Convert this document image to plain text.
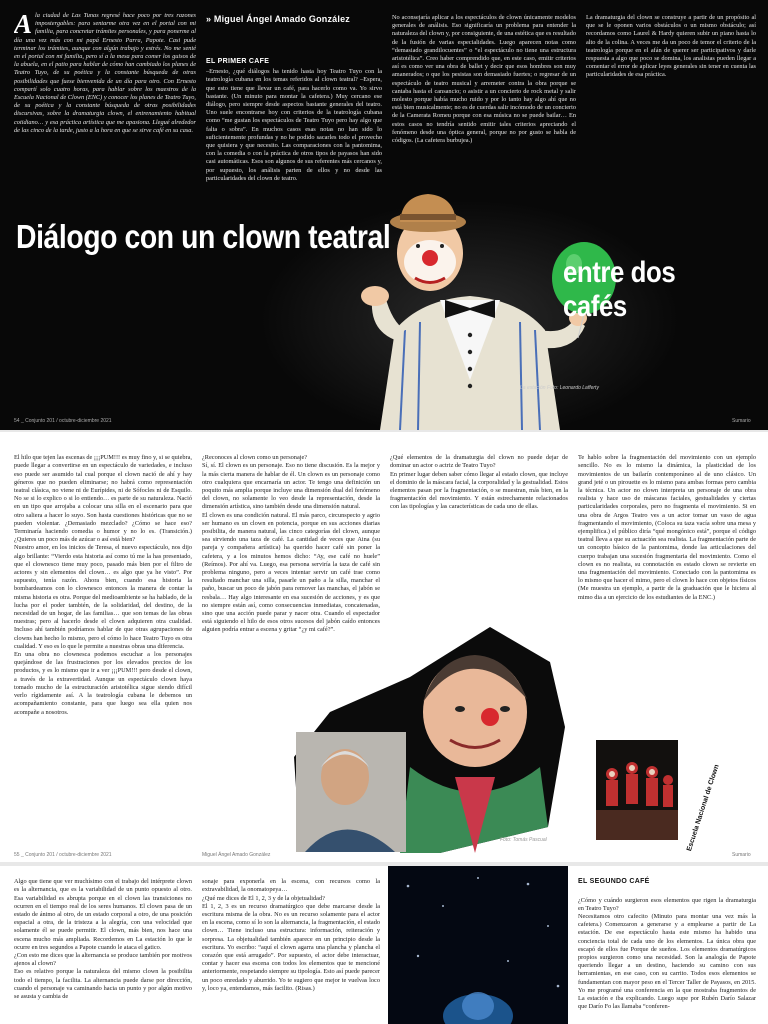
A la ciudad de Las Tunas regresé hace poco por tres razones impostergables: para sentarme otra vez en el portal con mi familia, para concretar trámites personales, y para ponerme al día una vez más con mi papá Ernesto Parra, Papote. Casi pude terminar los trámites, aunque con algún trabajo y estrés. No me senté en el portal con mi familia, pero sí a la mesa para comer los guisos de la abuela, en el patio para hablar de cómo han cambiado los planes de Teatro Tuyo, de su poética y la constante búsqueda de otras posibilidades que fuese bienvenida de un día para otro. Con Ernesto compartí solo cuatro horas, para hablar sobre los maestros de la Escuela Nacional de Clown (ENC) y conocer los planes de Teatro Tuyo, de su poética y la constante búsqueda de otras posibilidades discursivas, sobre la dramaturgia clown, el entrenamiento habitual cotidiano… y esa práctica artística que me apasiona. Llegué alrededor de las cinco de la tarde, justo a la hora en que se sirve café en su casa.
» Miguel Ángel Amado González
EL PRIMER CAFÉ

–Ernesto, ¿qué diálogos ha tenido hasta hoy Teatro Tuyo con la teatrología cubana en los temas referidos al clown teatral? –Espera, que esto tiene que llevar un café, para hacerlo como va. Yo sirvo bastante. (Un minuto para montar la cafetera.) Muy cercano ese diálogo, pero siempre desde aspectos bastante generales del teatro. Uno suele encontrarse hoy con criterios de la teatrología cubana como “me gustan los espectáculos de Teatro Tuyo pero hay algo que falta o sobra”. En muchos casos esas notas no han sido lo suficientemente profundas y no he podido sacarles todo el provecho que quisiera y que necesito. Las comparaciones con la pantomima, con la comedia o con la práctica de otros tipos de payasos han sido casi automáticas. Esos son algunos de sus referentes más cercanos y, por supuesto, los análisis parten de ellos y no desde las particularidades del clown de teatro.

No aconsejaría aplicar a los espectáculos de clown únicamente modelos generales de análisis. Eso significaría un problema para entender la naturaleza del clown y, por consiguiente, de una estética que es resultado de la fusión de varias especialidades. Luego aparecen notas como “demasiado grandilocuentes” o “el espectáculo no tiene una estructura aristotélica”. Creo haber comprendido que, en este caso, emitir criterios así es como ver una obra de ballet y decir que esos hombres son muy amanerados; o que los pesistas son demasiado fuertes; o regresar de un espectáculo de teatro musical y arremeter contra la obra porque se cantaba hasta el cansancio; o asistir a un concierto de rock metal y salir molesto porque había mucho ruido y por lo tanto hay algo ahí que no está bien musicalmente; no es de cuerdas salir incómodo de un concierto de la Camerata Romeu porque con esa música no se puede bailar… En estos casos no tendría sentido emitir tales criterios apreciando el fenómeno desde una óptica general, porque no por gusto se habla de códigos. (La cafetera burbujea.)

La dramaturgia del clown se construye a partir de un propósito al que se le oponen varios obstáculos o un mismo obstáculo; así recordamos como Laurel & Hardy quieren subir un piano hasta lo alto de la colina. A veces me da un poco de temor el criterio de la teatrología porque en el afán de querer ser participativos y darle respuesta a algo que poco se domina, los analistas pueden llegar a comentar el error de aplicar leyes generales sin tener en cuenta las particularidades de esa práctica.

Diálogo con un clown teatral
entre dos cafés
La estación Foto: Leonardo Lafferty
54 _ Conjunto 201 / octubre-diciembre 2021	Sumario

El hilo que tejen las escenas de ¡¡¡PUM!!! es muy fino y, si se quiebra, puede llegar a convertirse en un espectáculo de variedades, e incluso eso puede ser asumido tal cual porque el clown nació de ahí y hay géneros que no pueden eliminarse; no habrá como representación teatral clásica, no viene ni de Eurípides, ni de Sófocles ni de Esquilo. No se si lo explico o si lo entiendo… es parte de su naturaleza. Nació en un tipo que arrojaba a colocar una silla en el escenario para que otro saliera a hacer lo suyo. Son hasta cuestiones históricas que no se pueden violentar. ¿Demasiado mezclado? ¿Cómo se hace eso? Terminaría haciendo comedia o humor y no lo es. (Transición.) ¿Quieres un poco más de azúcar o así está bien?
Nuestro amor, en los inicios de Teresa, el nuevo espectáculo, nos dijo algo brillante: “Vierdo esta historia así como tú me la has presentado, que el clownesco tiene muy poco, pasado más bien por el filtro de actores y sin elementos del clown… es algo que ya he visto”. Por supuesto, tenía razón. Ahora bien, cuando esa historia la bombardeamos con lo clownesco entonces la manera de contar la misma historia es otra. Porque del medioambiente se ha hablado, de la lucha por el poder también, de la solidaridad, del destino, de la necesidad de un hogar, de las familias… que son temas de las obras nuestras; pero al hacerlo desde el clown adquieren otra cualidad. Incluso ahí también podríamos hablar de que otras agrupaciones de clowns han hecho lo mismo, pero el cómo lo hace Teatro Tuyo es otra cualidad. Y eso es lo que le permite a nuestras obras una diferencia.
En una obra no clownesca podemos escuchar a los personajes quejándose de las frustraciones por los elevados precios de los productos, y es lo mismo que ir a ver ¡¡¡PUM!!! pero desde el clown, a través de la extravertidad. Aunque un espectáculo clown haya tomado mucho de la estructuración aristotélica sigue siendo difícil verlo rígidamente así. A la teatrología cubana le debemos un acompañamiento constante, para que luego sea ella quien nos acompañe a nosotros.

¿Reconoces al clown como un personaje?
Sí, sí. El clown es un personaje. Eso no tiene discusión. Es la mejor y la más cierta manera de hablar de él. Un clown es un personaje como otro cualquiera que encarnaría un actor. Te tengo una definición un poquito más amplia porque incluye una dimensión dual del fenómeno del clown, no solamente lo veo desde la representación, desde la dimensión artística, sino también desde una dimensión natural.
El clown es una condición natural. El más parco, circunspecto y agrio ser humano es un clown en potencia, porque en sus acciones diarias posibilita, de manera natural, las cinco categorías del clown, aunque sea sirviendo una taza de café. La cantidad de veces que Aina (su pareja y compañera artística) ha querido hacer café sin poner la cafetera, y a los minutos hemos dicho: “Ay, ese café no huele” (Reímos). Por ahí va. Luego, esa persona serviría la taza de café sin problema ninguno, pero a veces intentar servir un café trae como resultado manchar una silla, pasarle un paño a la silla, manchar el paño, buscar un poco de jabón para remover las manchas, el jabón se resbala… Hay algo interesante en esa sucesión de acciones, y es que no siempre están así, como consecuencias inmediatas, concatenadas, sino que una acción puede parar y nacer otra. Cuando el espectador está siguiendo el hilo de esos otros sucesos del jabón caído entonces alguien podría entrar a escena y gritar “¿y mi café?”.

¿Qué elementos de la dramaturgia del clown no puede dejar de dominar un actor o actriz de Teatro Tuyo?
En primer lugar deben saber cómo llegar al estado clown, que incluye el dominio de la máscara facial, la corporalidad y la gestualidad. Estos elementos pasan por la fragmentación, o se muestran, más bien, en la fragmentación del movimiento. Y están estrechamente relacionados con las tipologías y las características de cada uno de ellas.

Te hablo sobre la fragmentación del movimiento con un ejemplo sencillo. No es lo mismo la dinámica, la plasticidad de los movimientos de un bailarín contemporáneo al de uno clásico. Un grand jeté o un pirouette es lo mismo para ambas formas pero cambia la técnica. Un actor no clown interpreta un personaje de una obra realista y hace uso de máscaras faciales, gestualidades y ciertas particularidades corporales, pero no fragmenta el movimiento. Si en una obra de Argos Teatro ves a un actor tomar un vaso de agua fragmentando el movimiento, (Coloca su taza vacía sobre una mesa y ejemplifica.) el público diría “qué mongónico está”, porque el código teatral lleva a que su actuación sea realista. La fragmentación parte de un concepto básico de la pantomima, donde las articulaciones del cuerpo trabajan una sucesión fragmentaria del movimiento. Como el clown es no realista, su connotación es estado clown se revierte en una fragmentación del movimiento. Conectado con la pantomima es lo mismo que hacer el mimo, pero el clown lo hace con objetos físicos (Me muestra un ejemplo, a partir de la graduación que le hiciera al mimo dia a un ejercicio de los estudiantes de la ENC.)

Escuela Nacional de Clown
Foto: Tomás Pascual
55 _ Conjunto 201 / octubre-diciembre 2021	Miguel Ángel Amado González	Sumario

Algo que tiene que ver muchísimo con el trabajo del intérprete clown es la alternancia, que es la variabilidad de un punto opuesto al otro. Esa variabilidad es abrupta porque en el clown las transiciones no ocurren en el tiempo real de los seres humanos. El clown pasa de un estado de ánimo al otro, de un estado corporal a otro, de una posición espacial a otra, de la tristeza a la alegría, con una velocidad que solamente él se puede permitir. El clown, más bien, nos hace una escena mucho más ampliada. Recordemos en La estación lo que le ocurre en tres segundos a Papote cuando le ataca el gatico.
¿Con esto me dices que la alternancia se produce también por motivos ajenos al clown?
Eso es relativo porque la naturaleza del mismo clown la posibilita todo el tiempo, la facilita. La alternancia puede darse por dirección, cuando el personaje va caminando hacia un punto y por algún motivo se asusta y cambia de

sonaje para exponerla en la escena, con recursos como la extravabilidad, la onomatopeya…
¿Qué me dices de El 1, 2, 3 y de la objetualidad?
El 1, 2, 3 es un recurso dramatúrgico que debe marcarse desde la escritura misma de la obra. No es un recurso solamente para el actor en la escena, como sí lo son la alternancia, la fragmentación, el estado clown… Tiene incluso una estructura: información, reiteración y sorpresa. La objetualidad también aparece en un principio desde la escritura. Yo escribo: “aquí el clown agarra una plancha y plancha el corazón que está arrugado”. Por supuesto, el actor debe interactuar, contar y hacer esa escena con todos los elementos que te mencioné anteriormente, respetando siempre su tipología. Esto así puede parecer un poco enredado y aburrido. Yo te sugiero que mejor te vuelvas loco y, loco ya, entendamos, más facilito. (Risas.)

EL SEGUNDO CAFÉ

¿Cómo y cuándo surgieron esos elementos que rigen la dramaturgia en Teatro Tuyo?
Necesitamos otro cafecito (Minuto para montar una vez más la cafetera.) Comenzaron a generarse y a emplearse a partir de La estación. De ese espectáculo hasta este mismo ha habido una conciencia total de cada uno de los elementos. La única obra que escapó de ellos fue Porque de sueños. Los elementos dramatúrgicos propios surgieron como una necesidad. Son la analogía de Papote queriendo llegar a un destino, haciendo su camino con sus herramientas, en ese caso, con su carrito. Todos esos elementos se fundamentan con mayor peso en el Tercer Taller de Payasos, en 2015. Yo me programé una conferencia en la que mostraba fragmentos de La estación e iba explicando. Luego supe por Rubén Darío Salazar que Darío Fo las llamaba “conferen-
